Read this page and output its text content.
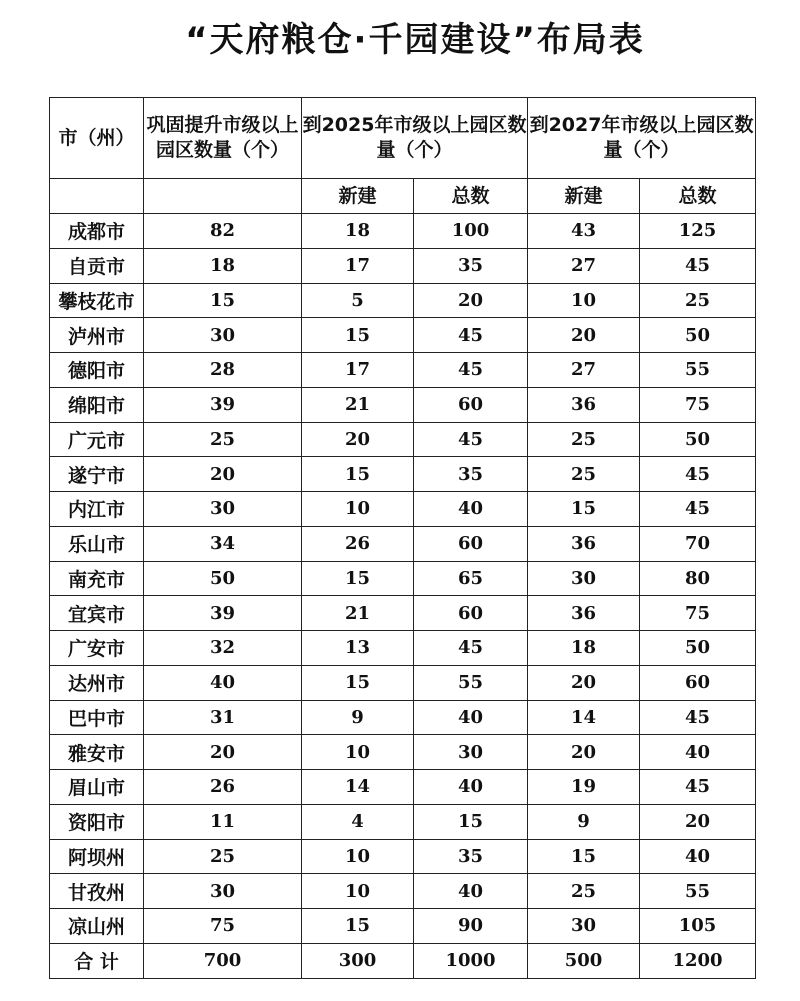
“天府粮仓·千园建设”布局表
市（州）	巩固提升市级以上园区数量（个）	到2025年市级以上园区数量（个）		到2027年市级以上园区数量（个）	
		新建	总数	新建	总数
成都市	82	18	100	43	125
自贡市	18	17	35	27	45
攀枝花市	15	5	20	10	25
泸州市	30	15	45	20	50
德阳市	28	17	45	27	55
绵阳市	39	21	60	36	75
广元市	25	20	45	25	50
遂宁市	20	15	35	25	45
内江市	30	10	40	15	45
乐山市	34	26	60	36	70
南充市	50	15	65	30	80
宜宾市	39	21	60	36	75
广安市	32	13	45	18	50
达州市	40	15	55	20	60
巴中市	31	9	40	14	45
雅安市	20	10	30	20	40
眉山市	26	14	40	19	45
资阳市	11	4	15	9	20
阿坝州	25	10	35	15	40
甘孜州	30	10	40	25	55
凉山州	75	15	90	30	105
合 计	700	300	1000	500	1200
